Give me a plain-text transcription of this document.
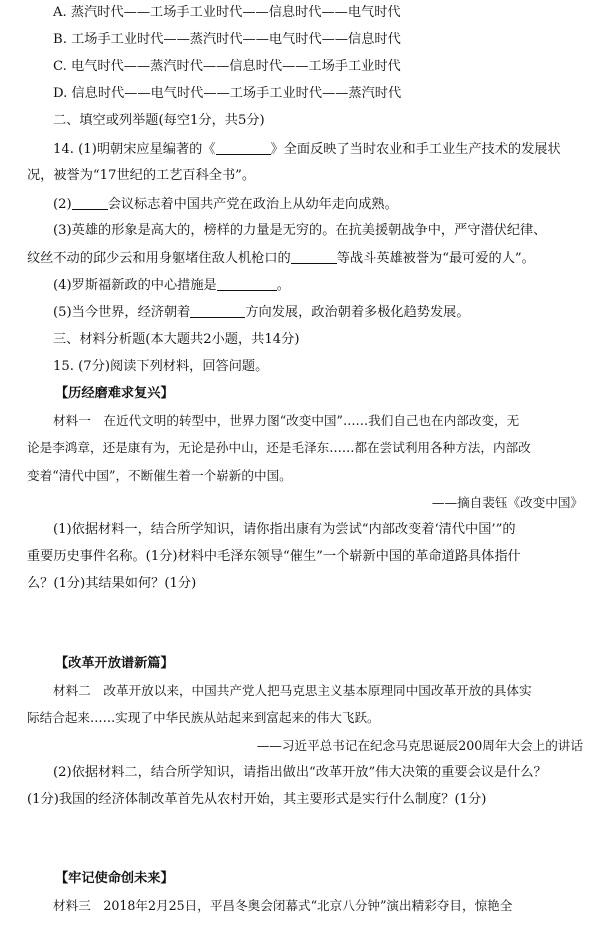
A. 蒸汽时代——工场手工业时代——信息时代——电气时代
B. 工场手工业时代——蒸汽时代——电气时代——信息时代
C. 电气时代——蒸汽时代——信息时代——工场手工业时代
D. 信息时代——电气时代——工场手工业时代——蒸汽时代
二、填空或列举题(每空1分，共5分)
14. (1)明朝宋应星编著的《	》全面反映了当时农业和手工业生产技术的发展状
况，被誉为“17世纪的工艺百科全书”。
(2)	会议标志着中国共产党在政治上从幼年走向成熟。
(3)英雄的形象是高大的，榜样的力量是无穷的。在抗美援朝战争中，严守潜伏纪律、
纹丝不动的邱少云和用身躯堵住敌人机枪口的	等战斗英雄被誉为“最可爱的人”。
(4)罗斯福新政的中心措施是	。
(5)当今世界，经济朝着	方向发展，政治朝着多极化趋势发展。
三、材料分析题(本大题共2小题，共14分)
15. (7分)阅读下列材料，回答问题。
【历经磨难求复兴】
材料一　在近代文明的转型中，世界力图“改变中国”……我们自己也在内部改变，无
论是李鸿章，还是康有为，无论是孙中山，还是毛泽东……都在尝试利用各种方法，内部改
变着“清代中国”，不断催生着一个崭新的中国。
——摘自裴钰《改变中国》
(1)依据材料一，结合所学知识，请你指出康有为尝试“内部改变着‘清代中国’”的
重要历史事件名称。(1分)材料中毛泽东领导“催生”一个崭新中国的革命道路具体指什
么？(1分)其结果如何？(1分)
【改革开放谱新篇】
材料二　改革开放以来，中国共产党人把马克思主义基本原理同中国改革开放的具体实
际结合起来……实现了中华民族从站起来到富起来的伟大飞跃。
——习近平总书记在纪念马克思诞辰200周年大会上的讲话
(2)依据材料二，结合所学知识，请指出做出“改革开放”伟大决策的重要会议是什么？
(1分)我国的经济体制改革首先从农村开始，其主要形式是实行什么制度？(1分)
【牢记使命创未来】
材料三　2018年2月25日，平昌冬奥会闭幕式“北京八分钟”演出精彩夺目，惊艳全
